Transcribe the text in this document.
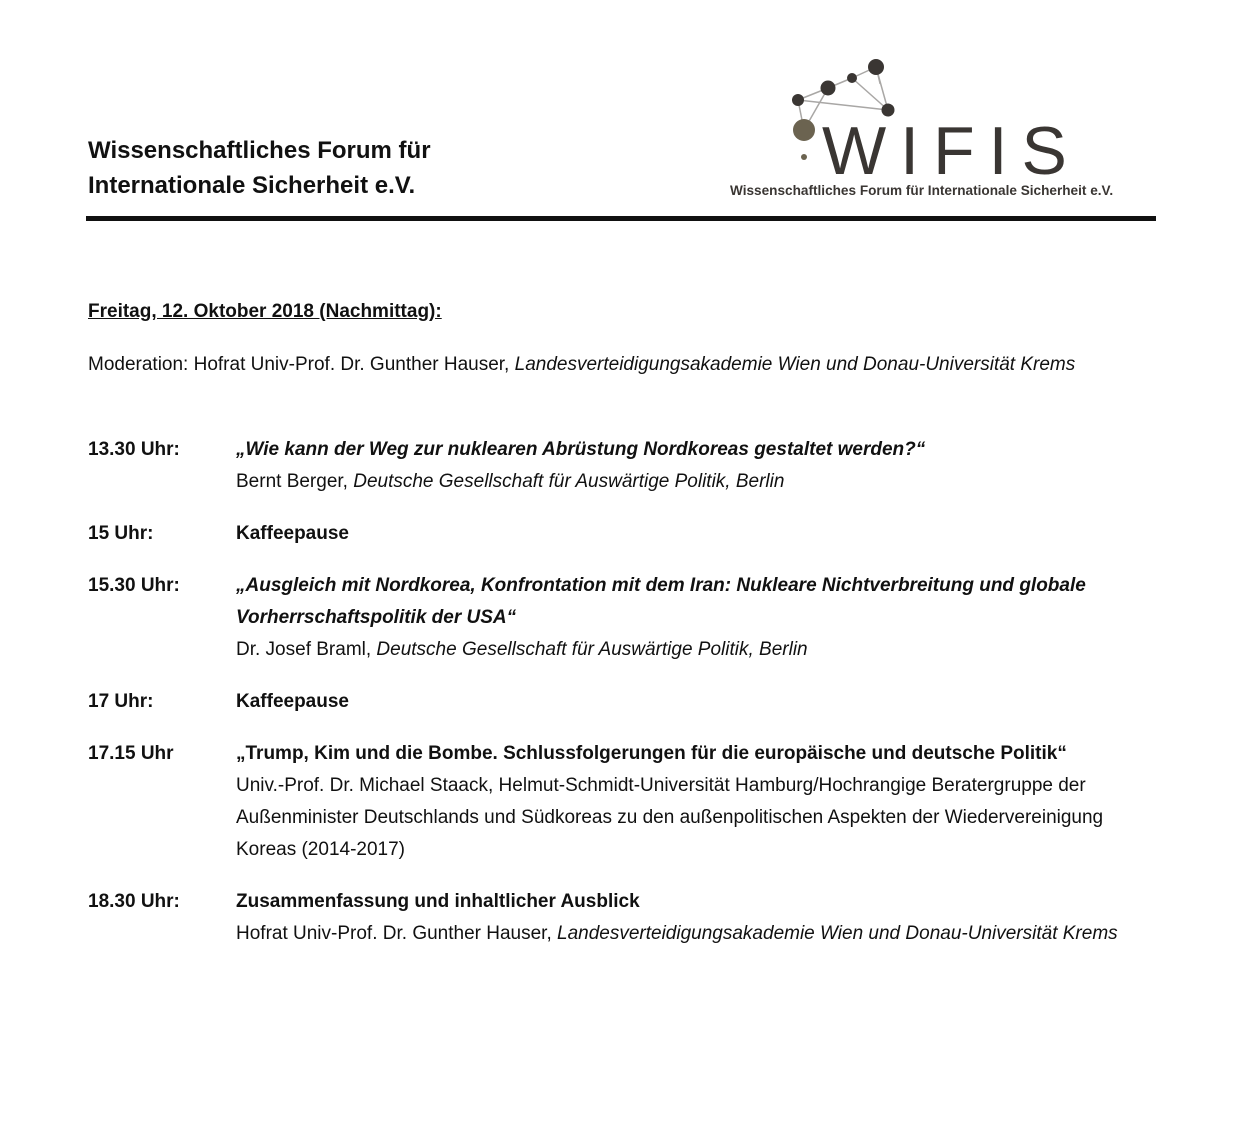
Wissenschaftliches Forum für
Internationale Sicherheit e.V.	WIFIS
Wissenschaftliches Forum für Internationale Sicherheit e.V.
Freitag, 12. Oktober 2018 (Nachmittag):
Moderation: Hofrat Univ-Prof. Dr. Gunther Hauser, Landesverteidigungsakademie Wien und Donau-Universität Krems
13.30 Uhr:	„Wie kann der Weg zur nuklearen Abrüstung Nordkoreas gestaltet werden?“
Bernt Berger, Deutsche Gesellschaft für Auswärtige Politik, Berlin
15 Uhr:	Kaffeepause
15.30 Uhr:	„Ausgleich mit Nordkorea, Konfrontation mit dem Iran: Nukleare Nichtverbreitung und globale Vorherrschaftspolitik der USA“
Dr. Josef Braml, Deutsche Gesellschaft für Auswärtige Politik, Berlin
17 Uhr:	Kaffeepause
17.15 Uhr	„Trump, Kim und die Bombe. Schlussfolgerungen für die europäische und deutsche Politik“
Univ.-Prof. Dr. Michael Staack, Helmut-Schmidt-Universität Hamburg/Hochrangige Beratergruppe der Außenminister Deutschlands und Südkoreas zu den außenpolitischen Aspekten der Wiedervereinigung Koreas (2014-2017)
18.30 Uhr:	Zusammenfassung und inhaltlicher Ausblick
Hofrat Univ-Prof. Dr. Gunther Hauser, Landesverteidigungsakademie Wien und Donau-Universität Krems
